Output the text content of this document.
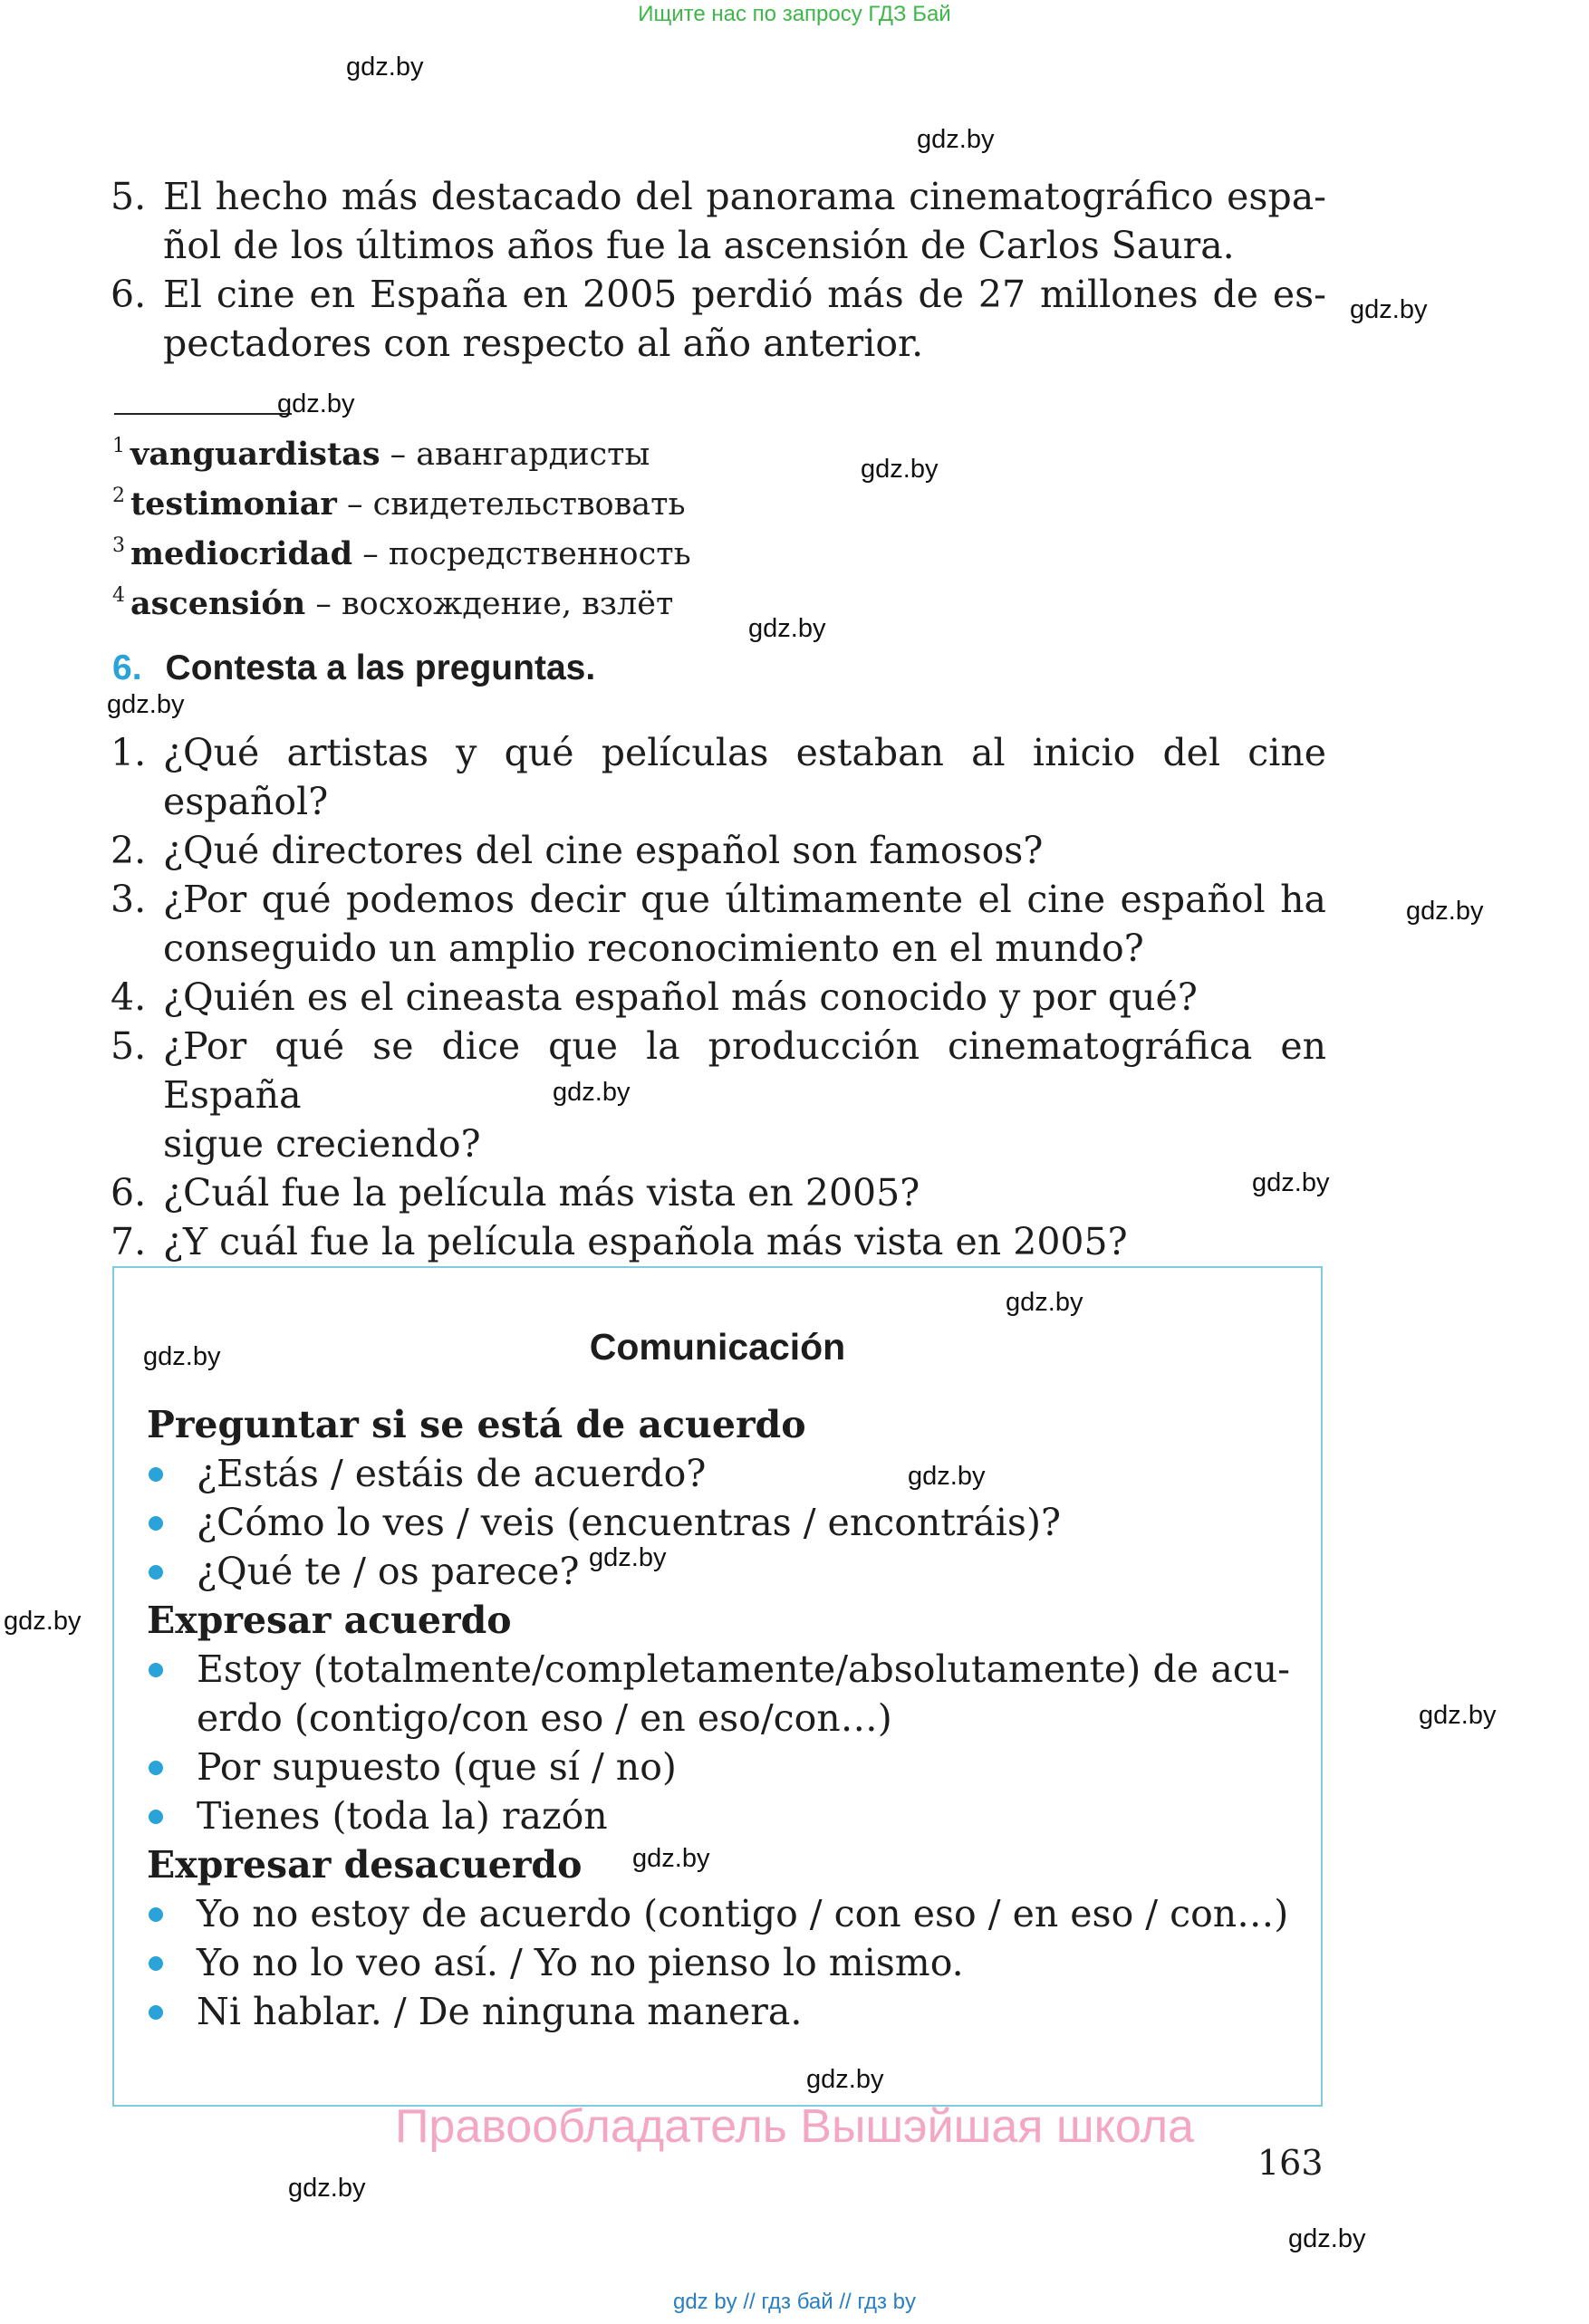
Ищите нас по запросу ГДЗ Бай
5. El hecho más destacado del panorama cinematográfico espa-
ñol de los últimos años fue la ascensión de Carlos Saura.
6. El cine en España en 2005 perdió más de 27 millones de es-
pectadores con respecto al año anterior.
$^1$ vanguardistas – авангардисты
$^2$ testimoniar – свидетельствовать
$^3$ mediocridad – посредственность
$^4$ ascensión – восхождение, взлёт
6. Contesta a las preguntas.
1. ¿Qué artistas y qué películas estaban al inicio del cine
español?
2. ¿Qué directores del cine español son famosos?
3. ¿Por qué podemos decir que últimamente el cine español ha
conseguido un amplio reconocimiento en el mundo?
4. ¿Quién es el cineasta español más conocido y por qué?
5. ¿Por qué se dice que la producción cinematográfica en España
sigue creciendo?
6. ¿Cuál fue la película más vista en 2005?
7. ¿Y cuál fue la película española más vista en 2005?
Comunicación
Preguntar si se está de acuerdo
¿Estás / estáis de acuerdo?
¿Cómo lo ves / veis (encuentras / encontráis)?
¿Qué te / os parece?
Expresar acuerdo
Estoy (totalmente/completamente/absolutamente) de acu-
erdo (contigo/con eso / en eso/con…)
Por supuesto (que sí / no)
Tienes (toda la) razón
Expresar desacuerdo
Yo no estoy de acuerdo (contigo / con eso / en eso / con…)
Yo no lo veo así. / Yo no pienso lo mismo.
Ni hablar. / De ninguna manera.
Правообладатель Вышэйшая школа
163
gdz by // гдз бай // гдз by
gdz.by
gdz.by
gdz.by
gdz.by
gdz.by
gdz.by
gdz.by
gdz.by
gdz.by
gdz.by
gdz.by
gdz.by
gdz.by
gdz.by
gdz.by
gdz.by
gdz.by
gdz.by
gdz.by
gdz.by
